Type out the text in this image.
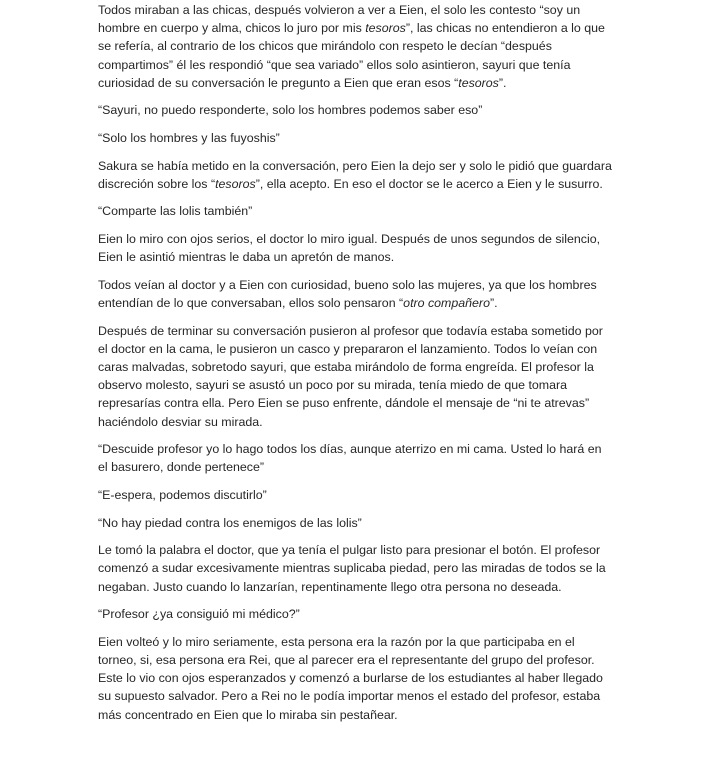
Todos miraban a las chicas, después volvieron a ver a Eien, el solo les contesto “soy un hombre en cuerpo y alma, chicos lo juro por mis tesoros”, las chicas no entendieron a lo que se refería, al contrario de los chicos que mirándolo con respeto le decían “después compartimos” él les respondió “que sea variado” ellos solo asintieron, sayuri que tenía curiosidad de su conversación le pregunto a Eien que eran esos “tesoros”.

“Sayuri, no puedo responderte, solo los hombres podemos saber eso”

“Solo los hombres y las fuyoshis”

Sakura se había metido en la conversación, pero Eien la dejo ser y solo le pidió que guardara discreción sobre los “tesoros”, ella acepto. En eso el doctor se le acerco a Eien y le susurro.

“Comparte las lolis también”

Eien lo miro con ojos serios, el doctor lo miro igual. Después de unos segundos de silencio, Eien le asintió mientras le daba un apretón de manos.

Todos veían al doctor y a Eien con curiosidad, bueno solo las mujeres, ya que los hombres entendían de lo que conversaban, ellos solo pensaron “otro compañero”.

Después de terminar su conversación pusieron al profesor que todavía estaba sometido por el doctor en la cama, le pusieron un casco y prepararon el lanzamiento. Todos lo veían con caras malvadas, sobretodo sayuri, que estaba mirándolo de forma engreída. El profesor la observo molesto, sayuri se asustó un poco por su mirada, tenía miedo de que tomara represarías contra ella. Pero Eien se puso enfrente, dándole el mensaje de “ni te atrevas” haciéndolo desviar su mirada.

“Descuide profesor yo lo hago todos los días, aunque aterrizo en mi cama. Usted lo hará en el basurero, donde pertenece”

“E-espera, podemos discutirlo”

“No hay piedad contra los enemigos de las lolis”

Le tomó la palabra el doctor, que ya tenía el pulgar listo para presionar el botón. El profesor comenzó a sudar excesivamente mientras suplicaba piedad, pero las miradas de todos se la negaban. Justo cuando lo lanzarían, repentinamente llego otra persona no deseada.

“Profesor ¿ya consiguió mi médico?”

Eien volteó y lo miro seriamente, esta persona era la razón por la que participaba en el torneo, si, esa persona era Rei, que al parecer era el representante del grupo del profesor. Este lo vio con ojos esperanzados y comenzó a burlarse de los estudiantes al haber llegado su supuesto salvador. Pero a Rei no le podía importar menos el estado del profesor, estaba más concentrado en Eien que lo miraba sin pestañear.
